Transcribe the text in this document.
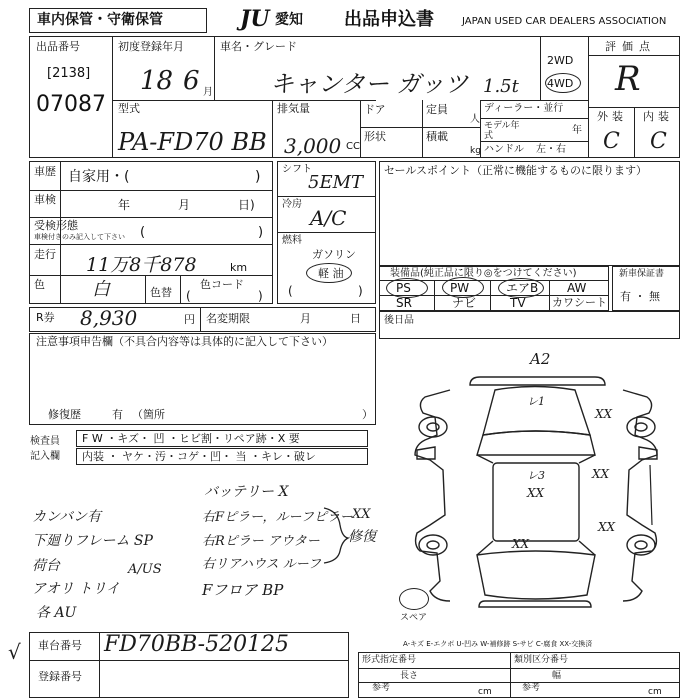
車内保管・守衛保管	JU 愛知 出品申込書	JAPAN USED CAR DEALERS ASSOCIATION
出品番号
[2138]
07087
初度登録年月
18 6 月
車名・グレード
キャンター ガッツ 1.5t
2WD
4WD
評価点
R
外装 内装
C C
型式
PA-FD70 BB
排気量
3,000 CC
ドア
形状
定員
人
積載
kg
ディーラー・並行
モデル年式	年
ハンドル 左・右
車歴 自家用・(	)
車検	年	月	日)
受検形態
車検付きのみ記入して下さい (	)
走行 11万8千878	km
色	白	色替
色コード
(	)
シフト
5EMT
冷房
A/C
燃料
ガソリン
軽 油
(	)
セールスポイント（正常に機能するものに限ります）
装備品(純正品に限り◎をつけてください)
PS	PW	エアB AW
SR	ナビ	TV カワシート
新車保証書
有 ・ 無
R券 8,930	円 名変期限	月	日 後日品
注意事項申告欄（不具合内容等は具体的に記入して下さい）
修復歴	有 （箇所	）
検査員記入欄
F W ・キズ・ 凹 ・ヒビ割・リペア跡・X 要
内装 ・ ヤケ・汚・コゲ・凹・ 当 ・キレ・破レ
バッテリー X
カンバン有
下廻りフレーム SP
荷台	A/US
アオリ トリイ
各 AU
右Fピラー，ルーフピラー
右Rピラー アウター
右リアハウス ルーフ
Fフロア BP
XX
修復
A2
レ1
XX
レ3
XX
XX
XX
XX
スペア
A-キズ E-エクボ U-凹み W-補修跡 S-サビ C-腐食 XX-交換済
√ 車台番号 FD70BB-520125
登録番号
形式指定番号	類別区分番号
参考	参考
長さ	幅
cm	cm
